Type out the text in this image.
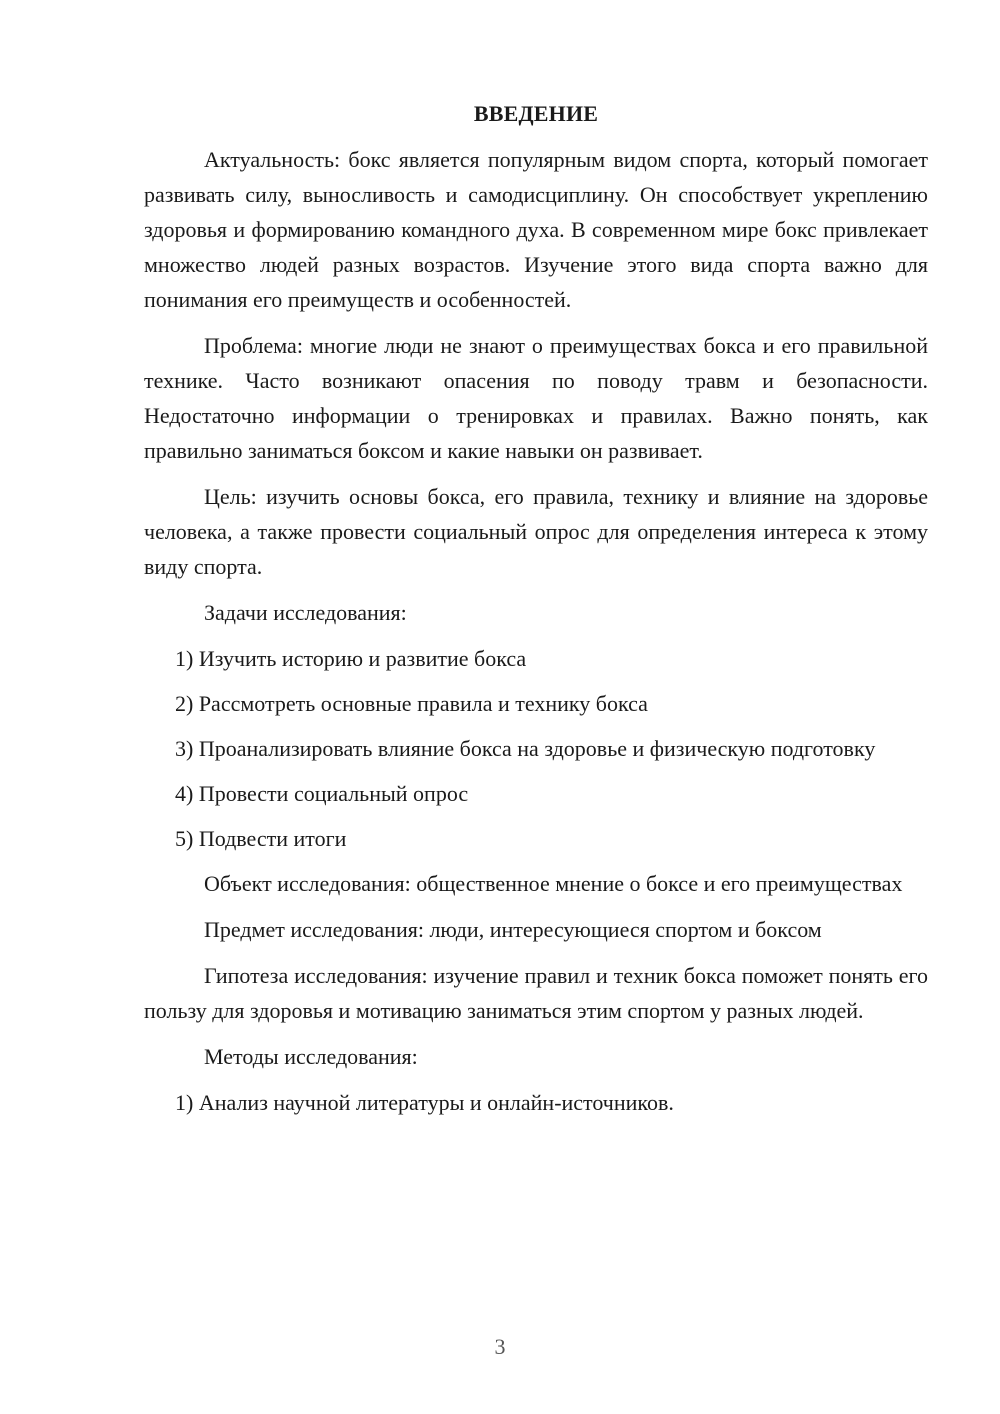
ВВЕДЕНИЕ

Актуальность: бокс является популярным видом спорта, который помогает развивать силу, выносливость и самодисциплину. Он способствует укреплению здоровья и формированию командного духа. В современном мире бокс привлекает множество людей разных возрастов. Изучение этого вида спорта важно для понимания его преимуществ и особенностей.

Проблема: многие люди не знают о преимуществах бокса и его правильной технике. Часто возникают опасения по поводу травм и безопасности. Недостаточно информации о тренировках и правилах. Важно понять, как правильно заниматься боксом и какие навыки он развивает.

Цель: изучить основы бокса, его правила, технику и влияние на здоровье человека, а также провести социальный опрос для определения интереса к этому виду спорта.

Задачи исследования:

1) Изучить историю и развитие бокса

2) Рассмотреть основные правила и технику бокса

3) Проанализировать влияние бокса на здоровье и физическую подготовку

4) Провести социальный опрос

5) Подвести итоги

Объект исследования: общественное мнение о боксе и его преимуществах

Предмет исследования: люди, интересующиеся спортом и боксом

Гипотеза исследования: изучение правил и техник бокса поможет понять его пользу для здоровья и мотивацию заниматься этим спортом у разных людей.

Методы исследования:

1) Анализ научной литературы и онлайн-источников.

3
